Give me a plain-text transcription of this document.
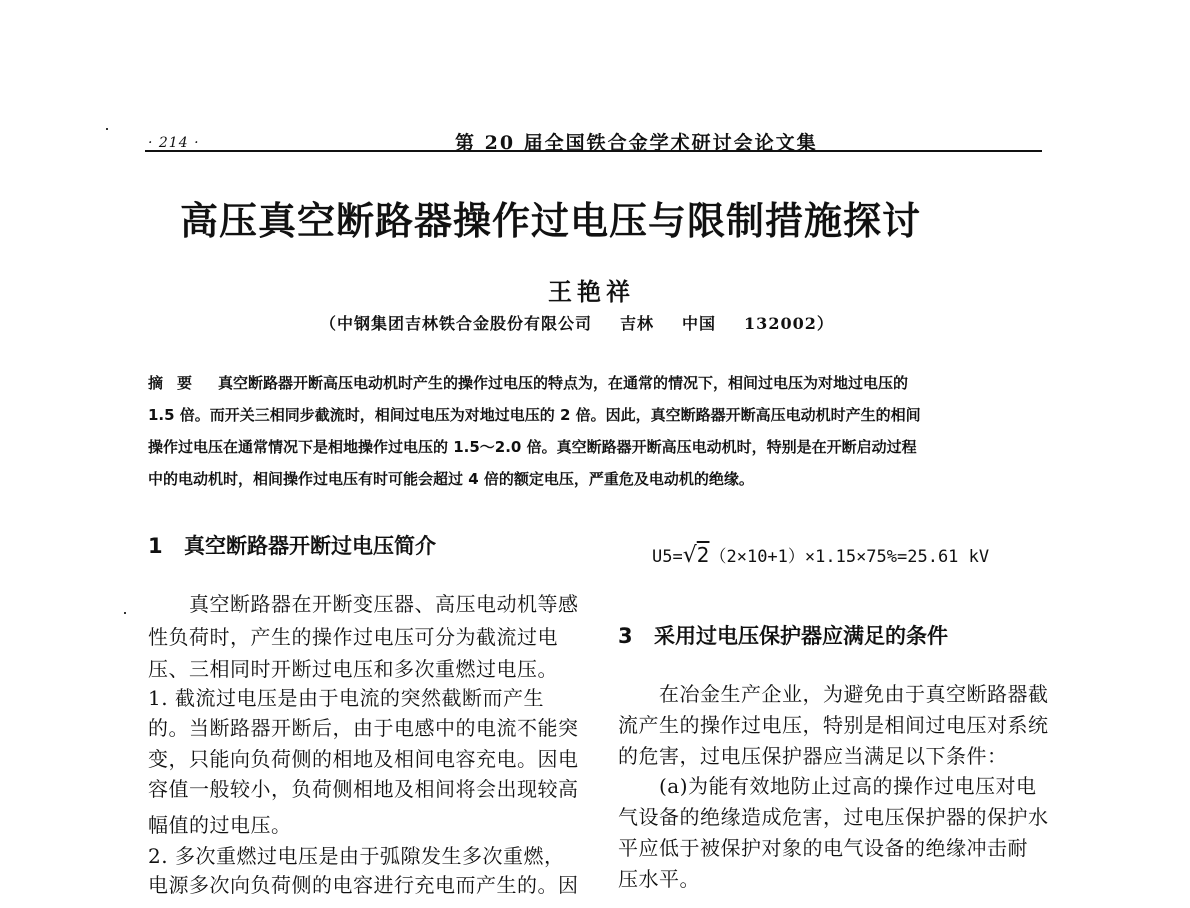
· 214 ·	第 20 届全国铁合金学术研讨会论文集
高压真空断路器操作过电压与限制措施探讨
王艳祥
（中钢集团吉林铁合金股份有限公司 吉林 中国 132002）
摘要 真空断路器开断高压电动机时产生的操作过电压的特点为，在通常的情况下，相间过电压为对地过电压的
1.5 倍。而开关三相同步截流时，相间过电压为对地过电压的 2 倍。因此，真空断路器开断高压电动机时产生的相间
操作过电压在通常情况下是相地操作过电压的 1.5～2.0 倍。真空断路器开断高压电动机时，特别是在开断启动过程
中的电动机时，相间操作过电压有时可能会超过 4 倍的额定电压，严重危及电动机的绝缘。
1 真空断路器开断过电压简介
　　真空断路器在开断变压器、高压电动机等感
性负荷时，产生的操作过电压可分为截流过电
压、三相同时开断过电压和多次重燃过电压。
1. 截流过电压是由于电流的突然截断而产生
的。当断路器开断后，由于电感中的电流不能突
变，只能向负荷侧的相地及相间电容充电。因电
容值一般较小，负荷侧相地及相间将会出现较高
幅值的过电压。
2. 多次重燃过电压是由于弧隙发生多次重燃，
电源多次向负荷侧的电容进行充电而产生的。因
U5=√2（2×10+1）×1.15×75%=25.61 kV
3 采用过电压保护器应满足的条件
　　在冶金生产企业，为避免由于真空断路器截
流产生的操作过电压，特别是相间过电压对系统
的危害，过电压保护器应当满足以下条件：
　　(a)为能有效地防止过高的操作过电压对电
气设备的绝缘造成危害，过电压保护器的保护水
平应低于被保护对象的电气设备的绝缘冲击耐
压水平。
